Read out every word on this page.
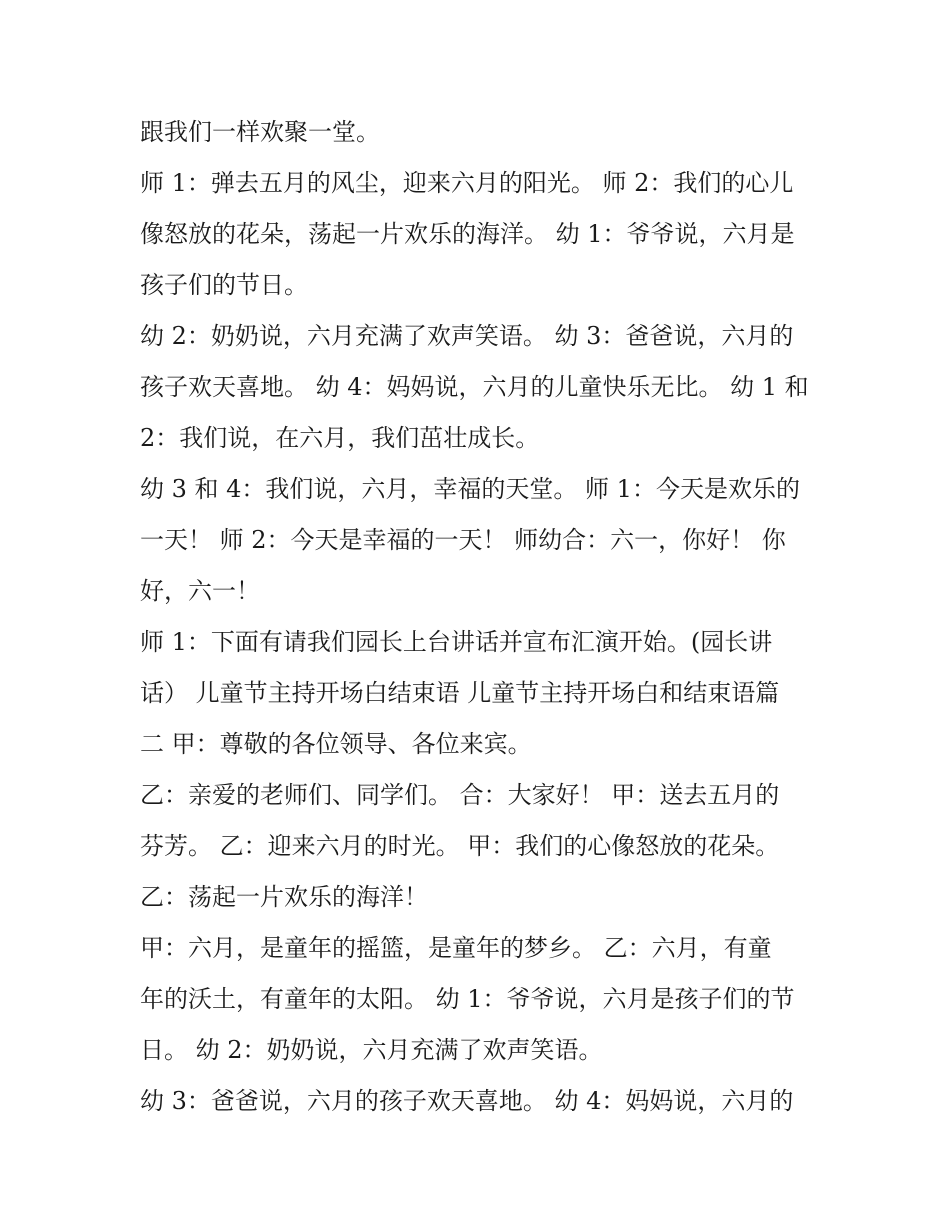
跟我们一样欢聚一堂。
师 1：弹去五月的风尘，迎来六月的阳光。 师 2：我们的心儿
像怒放的花朵，荡起一片欢乐的海洋。 幼 1：爷爷说，六月是
孩子们的节日。
幼 2：奶奶说，六月充满了欢声笑语。 幼 3：爸爸说，六月的
孩子欢天喜地。 幼 4：妈妈说，六月的儿童快乐无比。 幼 1 和
2：我们说，在六月，我们茁壮成长。
幼 3 和 4：我们说，六月，幸福的天堂。 师 1：今天是欢乐的
一天！ 师 2：今天是幸福的一天！ 师幼合：六一，你好！ 你
好，六一！
师 1：下面有请我们园长上台讲话并宣布汇演开始。(园长讲
话） 儿童节主持开场白结束语 儿童节主持开场白和结束语篇
二 甲：尊敬的各位领导、各位来宾。
乙：亲爱的老师们、同学们。 合：大家好！ 甲：送去五月的
芬芳。 乙：迎来六月的时光。 甲：我们的心像怒放的花朵。
乙：荡起一片欢乐的海洋！
甲：六月，是童年的摇篮，是童年的梦乡。 乙：六月，有童
年的沃土，有童年的太阳。 幼 1：爷爷说，六月是孩子们的节
日。 幼 2：奶奶说，六月充满了欢声笑语。
幼 3：爸爸说，六月的孩子欢天喜地。 幼 4：妈妈说，六月的
